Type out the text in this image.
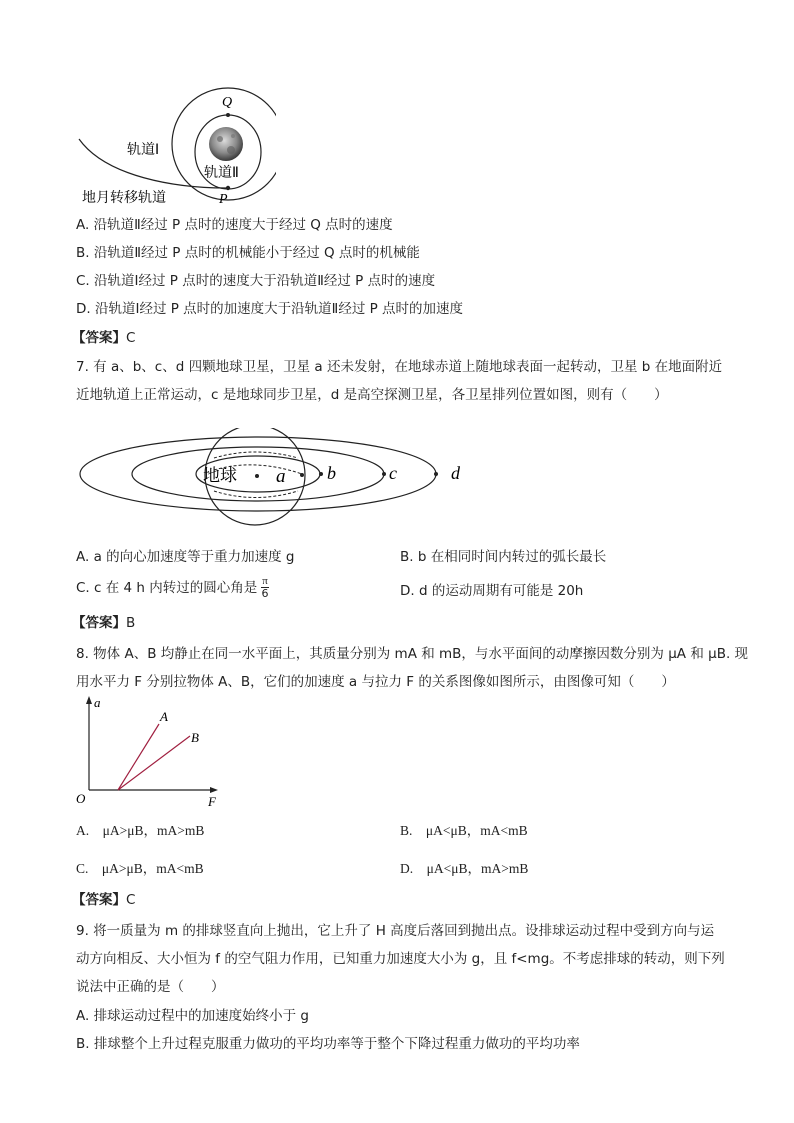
Q
轨道Ⅰ
轨道Ⅱ
地月转移轨道	P
A. 沿轨道Ⅱ经过 P 点时的速度大于经过 Q 点时的速度
B. 沿轨道Ⅱ经过 P 点时的机械能小于经过 Q 点时的机械能
C. 沿轨道Ⅰ经过 P 点时的速度大于沿轨道Ⅱ经过 P 点时的速度
D. 沿轨道Ⅰ经过 P 点时的加速度大于沿轨道Ⅱ经过 P 点时的加速度
【答案】C
7. 有 a、b、c、d 四颗地球卫星，卫星 a 还未发射，在地球赤道上随地球表面一起转动，卫星 b 在地面附近
近地轨道上正常运动，c 是地球同步卫星，d 是高空探测卫星，各卫星排列位置如图，则有（　　）
地球 a b	c	d
A. a 的向心加速度等于重力加速度 g	B. b 在相同时间内转过的弧长最长
C. c 在 4 h 内转过的圆心角是 $\frac{\pi}{6}$	D. d 的运动周期有可能是 20h
【答案】B
8. 物体 A、B 均静止在同一水平面上，其质量分别为 mA 和 mB，与水平面间的动摩擦因数分别为 μA 和 μB. 现
用水平力 F 分别拉物体 A、B，它们的加速度 a 与拉力 F 的关系图像如图所示，由图像可知（　　）
a
A
B
O	F
A.　μA>μB，mA>mB	B.　μA<μB，mA<mB
C.　μA>μB，mA<mB	D.　μA<μB，mA>mB
【答案】C
9. 将一质量为 m 的排球竖直向上抛出，它上升了 H 高度后落回到抛出点。设排球运动过程中受到方向与运
动方向相反、大小恒为 f 的空气阻力作用，已知重力加速度大小为 g，且 f<mg。不考虑排球的转动，则下列
说法中正确的是（　　）
A. 排球运动过程中的加速度始终小于 g
B. 排球整个上升过程克服重力做功的平均功率等于整个下降过程重力做功的平均功率
